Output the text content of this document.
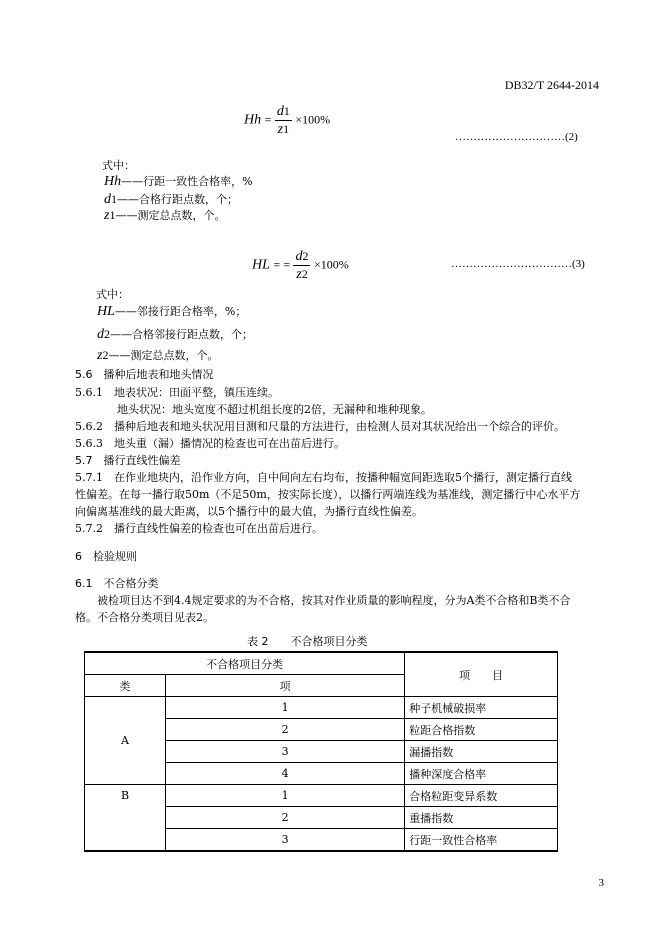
DB32/T 2644-2014
$Hh = \frac{d1}{z1} \times 100\%$
…………………………(2)
式中：
Hh——行距一致性合格率，%
d1——合格行距点数，个；
z1——测定总点数，个。
HL = = $\frac{d2}{z2} \times 100\%$	……………………………(3)
式中：
HL——邻接行距合格率，%；
d2——合格邻接行距点数，个；
z2——测定总点数，个。
5.6　播种后地表和地头情况
5.6.1　地表状况：田面平整，镇压连续。
地头状况：地头宽度不超过机组长度的2倍，无漏种和堆种现象。
5.6.2　播种后地表和地头状况用目测和尺量的方法进行，由检测人员对其状况给出一个综合的评价。
5.6.3　地头重（漏）播情况的检查也可在出苗后进行。
5.7　播行直线性偏差
5.7.1　在作业地块内，沿作业方向，自中间向左右均布，按播种幅宽间距选取5个播行，测定播行直线
性偏差。在每一播行取50m（不足50m，按实际长度），以播行两端连线为基准线，测定播行中心水平方
向偏离基准线的最大距离，以5个播行中的最大值，为播行直线性偏差。
5.7.2　播行直线性偏差的检查也可在出苗后进行。
6　检验规则
6.1　不合格分类
被检项目达不到4.4规定要求的为不合格，按其对作业质量的影响程度，分为A类不合格和B类不合
格。不合格分类项目见表2。
表 2　　不合格项目分类
不合格项目分类		项　　目
类	项	
A	1	种子机械破损率
	2	粒距合格指数
	3	漏播指数
	4	播种深度合格率
B	1	合格粒距变异系数
	2	重播指数
	3	行距一致性合格率
3
